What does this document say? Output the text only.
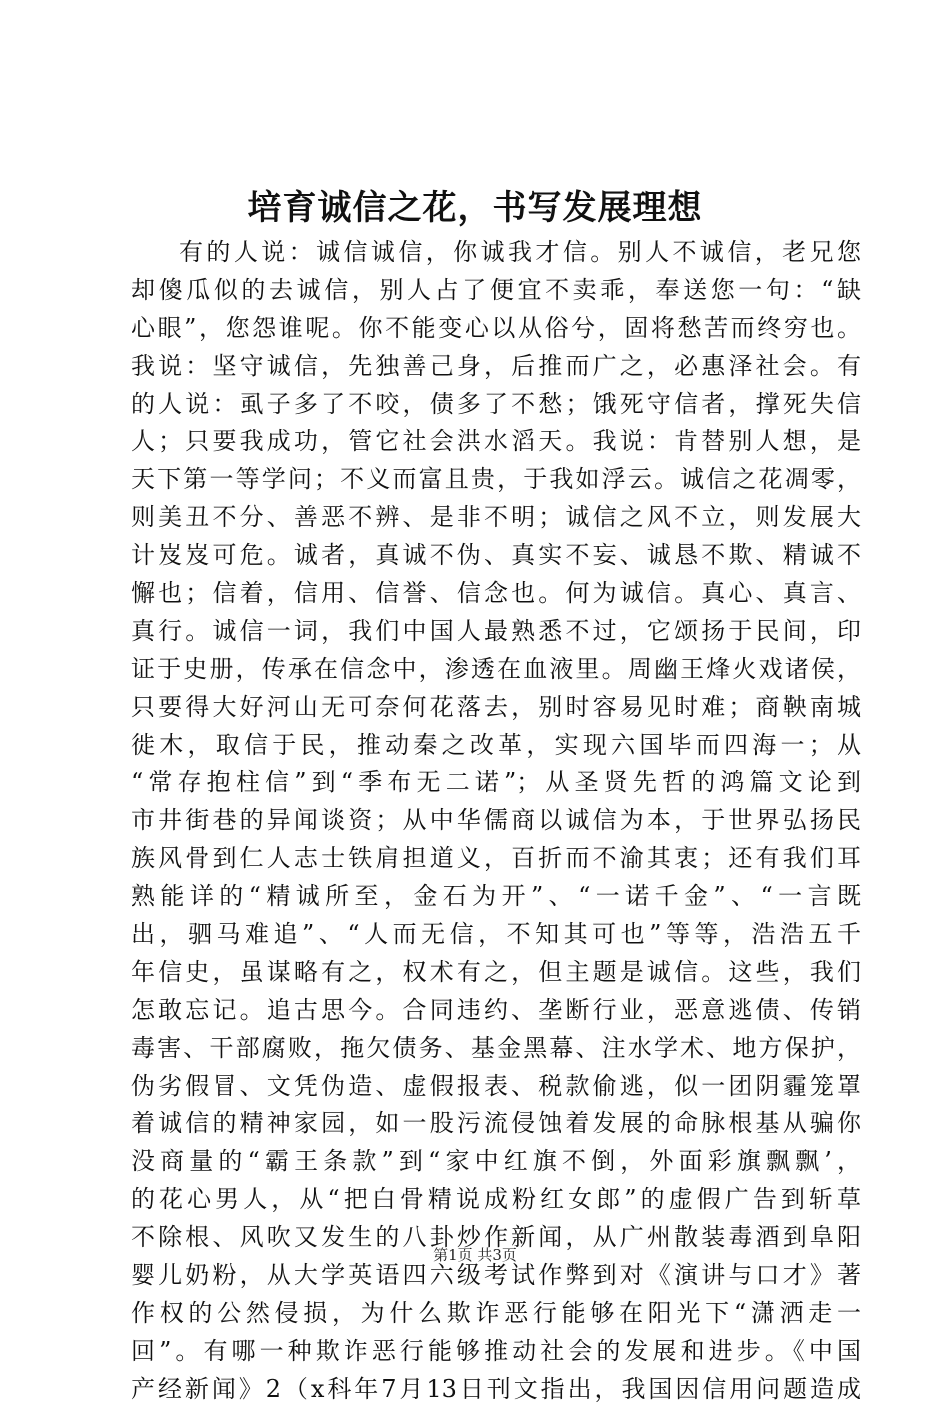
培育诚信之花，书写发展理想
有的人说：诚信诚信，你诚我才信。别人不诚信，老兄您
却傻瓜似的去诚信，别人占了便宜不卖乖，奉送您一句：“缺
心眼”，您怨谁呢。你不能变心以从俗兮，固将愁苦而终穷也。
我说：坚守诚信，先独善己身，后推而广之，必惠泽社会。有
的人说：虱子多了不咬，债多了不愁；饿死守信者，撑死失信
人；只要我成功，管它社会洪水滔天。我说：肯替别人想，是
天下第一等学问；不义而富且贵，于我如浮云。诚信之花凋零，
则美丑不分、善恶不辨、是非不明；诚信之风不立，则发展大
计岌岌可危。诚者，真诚不伪、真实不妄、诚恳不欺、精诚不
懈也；信着，信用、信誉、信念也。何为诚信。真心、真言、
真行。诚信一词，我们中国人最熟悉不过，它颂扬于民间，印
证于史册，传承在信念中，渗透在血液里。周幽王烽火戏诸侯，
只要得大好河山无可奈何花落去，别时容易见时难；商鞅南城
徙木，取信于民，推动秦之改革，实现六国毕而四海一；从
“常存抱柱信”到“季布无二诺”；从圣贤先哲的鸿篇文论到
市井街巷的异闻谈资；从中华儒商以诚信为本，于世界弘扬民
族风骨到仁人志士铁肩担道义，百折而不渝其衷；还有我们耳
熟能详的“精诚所至，金石为开”、“一诺千金”、“一言既
出，驷马难追”、“人而无信，不知其可也”等等，浩浩五千
年信史，虽谋略有之，权术有之，但主题是诚信。这些，我们
怎敢忘记。追古思今。合同违约、垄断行业，恶意逃债、传销
毒害、干部腐败，拖欠债务、基金黑幕、注水学术、地方保护，
伪劣假冒、文凭伪造、虚假报表、税款偷逃，似一团阴霾笼罩
着诚信的精神家园，如一股污流侵蚀着发展的命脉根基从骗你
没商量的“霸王条款”到“家中红旗不倒，外面彩旗飘飘’，
的花心男人，从“把白骨精说成粉红女郎”的虚假广告到斩草
不除根、风吹又发生的八卦炒作新闻，从广州散装毒酒到阜阳
婴儿奶粉，从大学英语四六级考试作弊到对《演讲与口才》著
作权的公然侵损，为什么欺诈恶行能够在阳光下“潇洒走一
回”。有哪一种欺诈恶行能够推动社会的发展和进步。《中国
产经新闻》2（x科年7月13日刊文指出，我国因信用问题造成
第1页 共3页
